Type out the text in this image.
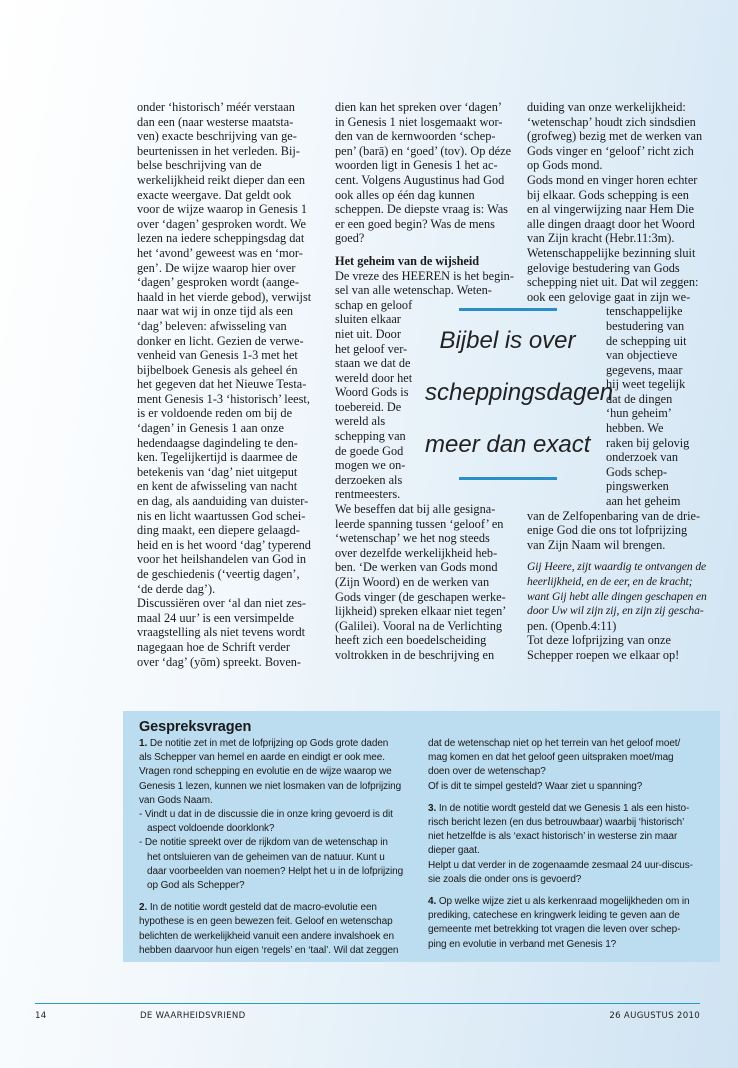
onder ‘historisch’ méér verstaan
dan een (naar westerse maatsta-
ven) exacte beschrijving van ge-
beurtenissen in het verleden. Bij-
belse beschrijving van de
werkelijkheid reikt dieper dan een
exacte weergave. Dat geldt ook
voor de wijze waarop in Genesis 1
over ‘dagen’ gesproken wordt. We
lezen na iedere scheppingsdag dat
het ‘avond’ geweest was en ‘mor-
gen’. De wijze waarop hier over
‘dagen’ gesproken wordt (aange-
haald in het vierde gebod), verwijst
naar wat wij in onze tijd als een
‘dag’ beleven: afwisseling van
donker en licht. Gezien de verwe-
venheid van Genesis 1-3 met het
bijbelboek Genesis als geheel én
het gegeven dat het Nieuwe Testa-
ment Genesis 1-3 ‘historisch’ leest,
is er voldoende reden om bij de
‘dagen’ in Genesis 1 aan onze
hedendaagse dagindeling te den-
ken. Tegelijkertijd is daarmee de
betekenis van ‘dag’ niet uitgeput
en kent de afwisseling van nacht
en dag, als aanduiding van duister-
nis en licht waartussen God schei-
ding maakt, een diepere gelaagd-
heid en is het woord ‘dag’ typerend
voor het heilshandelen van God in
de geschiedenis (‘veertig dagen’,
‘de derde dag’).
Discussiëren over ‘al dan niet zes-
maal 24 uur’ is een versimpelde
vraagstelling als niet tevens wordt
nagegaan hoe de Schrift verder
over ‘dag’ (yōm) spreekt. Boven-
dien kan het spreken over ‘dagen’
in Genesis 1 niet losgemaakt wor-
den van de kernwoorden ‘schep-
pen’ (barā) en ‘goed’ (tov). Op déze
woorden ligt in Genesis 1 het ac-
cent. Volgens Augustinus had God
ook alles op één dag kunnen
scheppen. De diepste vraag is: Was
er een goed begin? Was de mens
goed?
Het geheim van de wijsheid
De vreze des HEEREN is het begin-
sel van alle wetenschap. Weten-
schap en geloof
sluiten elkaar
niet uit. Door
het geloof ver-
staan we dat de
wereld door het
Woord Gods is
toebereid. De
wereld als
schepping van
de goede God
mogen we on-
derzoeken als
rentmeesters.
We beseffen dat bij alle gesigna-
leerde spanning tussen ‘geloof’ en
‘wetenschap’ we het nog steeds
over dezelfde werkelijkheid heb-
ben. ‘De werken van Gods mond
(Zijn Woord) en de werken van
Gods vinger (de geschapen werke-
lijkheid) spreken elkaar niet tegen’
(Galilei). Vooral na de Verlichting
heeft zich een boedelscheiding
voltrokken in de beschrijving en
duiding van onze werkelijkheid:
‘wetenschap’ houdt zich sindsdien
(grofweg) bezig met de werken van
Gods vinger en ‘geloof’ richt zich
op Gods mond.
Gods mond en vinger horen echter
bij elkaar. Gods schepping is een
en al vingerwijzing naar Hem Die
alle dingen draagt door het Woord
van Zijn kracht (Hebr.11:3m).
Wetenschappelijke bezinning sluit
gelovige bestudering van Gods
schepping niet uit. Dat wil zeggen:
ook een gelovige gaat in zijn we-
tenschappelijke
bestudering van
de schepping uit
van objectieve
gegevens, maar
hij weet tegelijk
dat de dingen
‘hun geheim’
hebben. We
raken bij gelovig
onderzoek van
Gods schep-
pingswerken
aan het geheim
van de Zelfopenbaring van de drie-
enige God die ons tot lofprijzing
van Zijn Naam wil brengen.
Gij Heere, zijt waardig te ontvangen de
heerlijkheid, en de eer, en de kracht;
want Gij hebt alle dingen geschapen en
door Uw wil zijn zij, en zijn zij gescha-
pen. (Openb.4:11)
Tot deze lofprijzing van onze
Schepper roepen we elkaar op!
Bijbel is over
scheppingsdagen
meer dan exact
Gespreksvragen
1. De notitie zet in met de lofprijzing op Gods grote daden
als Schepper van hemel en aarde en eindigt er ook mee.
Vragen rond schepping en evolutie en de wijze waarop we
Genesis 1 lezen, kunnen we niet losmaken van de lofprijzing
van Gods Naam.
- Vindt u dat in de discussie die in onze kring gevoerd is dit
aspect voldoende doorklonk?
- De notitie spreekt over de rijkdom van de wetenschap in
het ontsluieren van de geheimen van de natuur. Kunt u
daar voorbeelden van noemen? Helpt het u in de lofprijzing
op God als Schepper?
2. In de notitie wordt gesteld dat de macro-evolutie een
hypothese is en geen bewezen feit. Geloof en wetenschap
belichten de werkelijkheid vanuit een andere invalshoek en
hebben daarvoor hun eigen ‘regels’ en ‘taal’. Wil dat zeggen
dat de wetenschap niet op het terrein van het geloof moet/
mag komen en dat het geloof geen uitspraken moet/mag
doen over de wetenschap?
Of is dit te simpel gesteld? Waar ziet u spanning?
3. In de notitie wordt gesteld dat we Genesis 1 als een histo-
risch bericht lezen (en dus betrouwbaar) waarbij ‘historisch’
niet hetzelfde is als ‘exact historisch’ in westerse zin maar
dieper gaat.
Helpt u dat verder in de zogenaamde zesmaal 24 uur-discus-
sie zoals die onder ons is gevoerd?
4. Op welke wijze ziet u als kerkenraad mogelijkheden om in
prediking, catechese en kringwerk leiding te geven aan de
gemeente met betrekking tot vragen die leven over schep-
ping en evolutie in verband met Genesis 1?
14	DE WAARHEIDSVRIEND	26 AUGUSTUS 2010
